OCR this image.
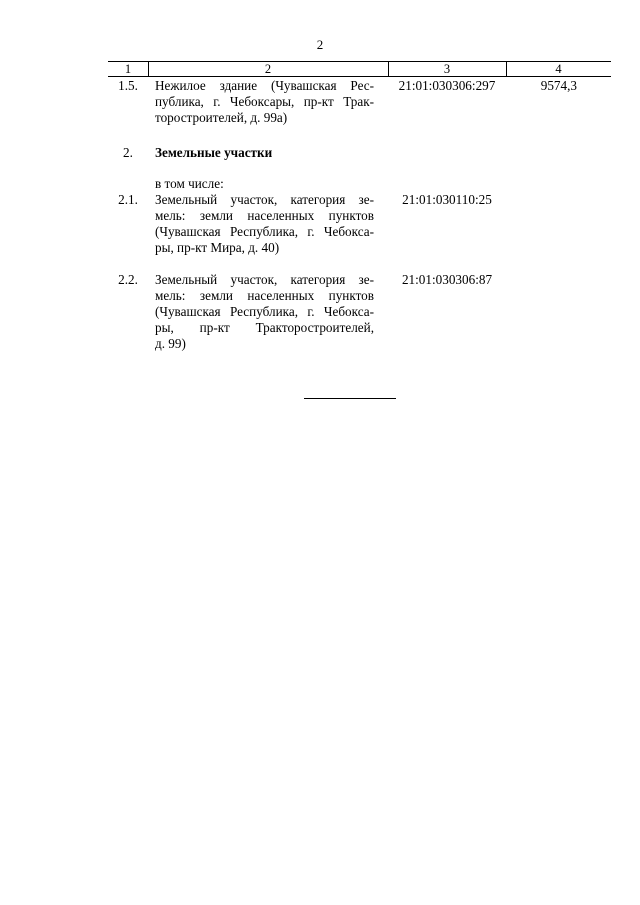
2
1	2	3	4
1.5.	Нежилое здание (Чувашская Рес-
публика, г. Чебоксары, пр-кт Трак-
торостроителей, д. 99а)
21:01:030306:297	9574,3
2.	Земельные участки
в том числе:
2.1.	Земельный участок, категория зе-
мель: земли населенных пунктов
(Чувашская Республика, г. Чебокса-
ры, пр-кт Мира, д. 40)
21:01:030110:25
2.2.	Земельный участок, категория зе-
мель: земли населенных пунктов
(Чувашская Республика, г. Чебокса-
ры, пр-кт Тракторостроителей,
д. 99)
21:01:030306:87
